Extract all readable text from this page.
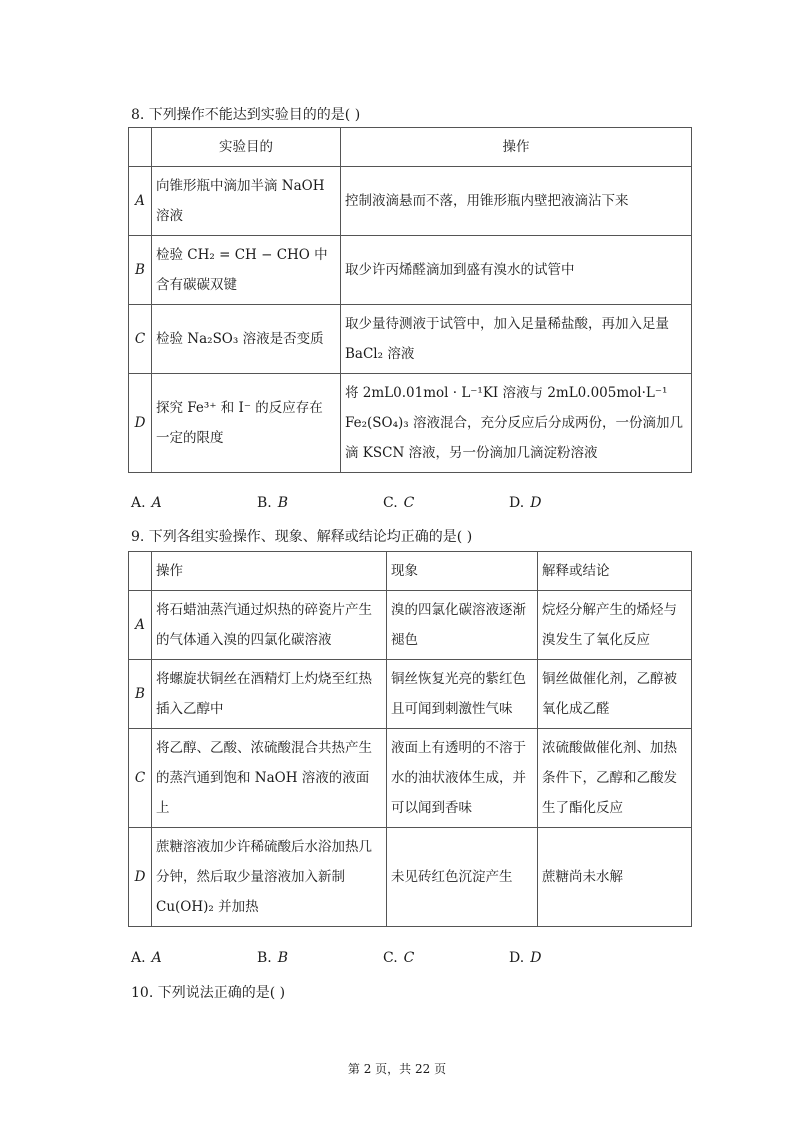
8. 下列操作不能达到实验目的的是( )
	实验目的	操作
A	向锥形瓶中滴加半滴 NaOH 溶液	控制液滴悬而不落，用锥形瓶内壁把液滴沾下来
B	检验 CH₂ = CH − CHO 中含有碳碳双键	取少许丙烯醛滴加到盛有溴水的试管中
C	检验 Na₂SO₃ 溶液是否变质	取少量待测液于试管中，加入足量稀盐酸，再加入足量 BaCl₂ 溶液
D	探究 Fe³⁺ 和 I⁻ 的反应存在一定的限度	将 2mL0.01mol · L⁻¹KI 溶液与 2mL0.005mol·L⁻¹ Fe₂(SO₄)₃ 溶液混合，充分反应后分成两份，一份滴加几滴 KSCN 溶液，另一份滴加几滴淀粉溶液
A. A	B. B	C. C	D. D
9. 下列各组实验操作、现象、解释或结论均正确的是( )
	操作	现象	解释或结论
A	将石蜡油蒸汽通过炽热的碎瓷片产生的气体通入溴的四氯化碳溶液	溴的四氯化碳溶液逐渐褪色	烷烃分解产生的烯烃与溴发生了氧化反应
B	将螺旋状铜丝在酒精灯上灼烧至红热插入乙醇中	铜丝恢复光亮的紫红色且可闻到刺激性气味	铜丝做催化剂，乙醇被氧化成乙醛
C	将乙醇、乙酸、浓硫酸混合共热产生的蒸汽通到饱和 NaOH 溶液的液面上	液面上有透明的不溶于水的油状液体生成，并可以闻到香味	浓硫酸做催化剂、加热条件下，乙醇和乙酸发生了酯化反应
D	蔗糖溶液加少许稀硫酸后水浴加热几分钟，然后取少量溶液加入新制 Cu(OH)₂ 并加热	未见砖红色沉淀产生	蔗糖尚未水解
A. A	B. B	C. C	D. D
10. 下列说法正确的是( )
第 2 页，共 22 页
